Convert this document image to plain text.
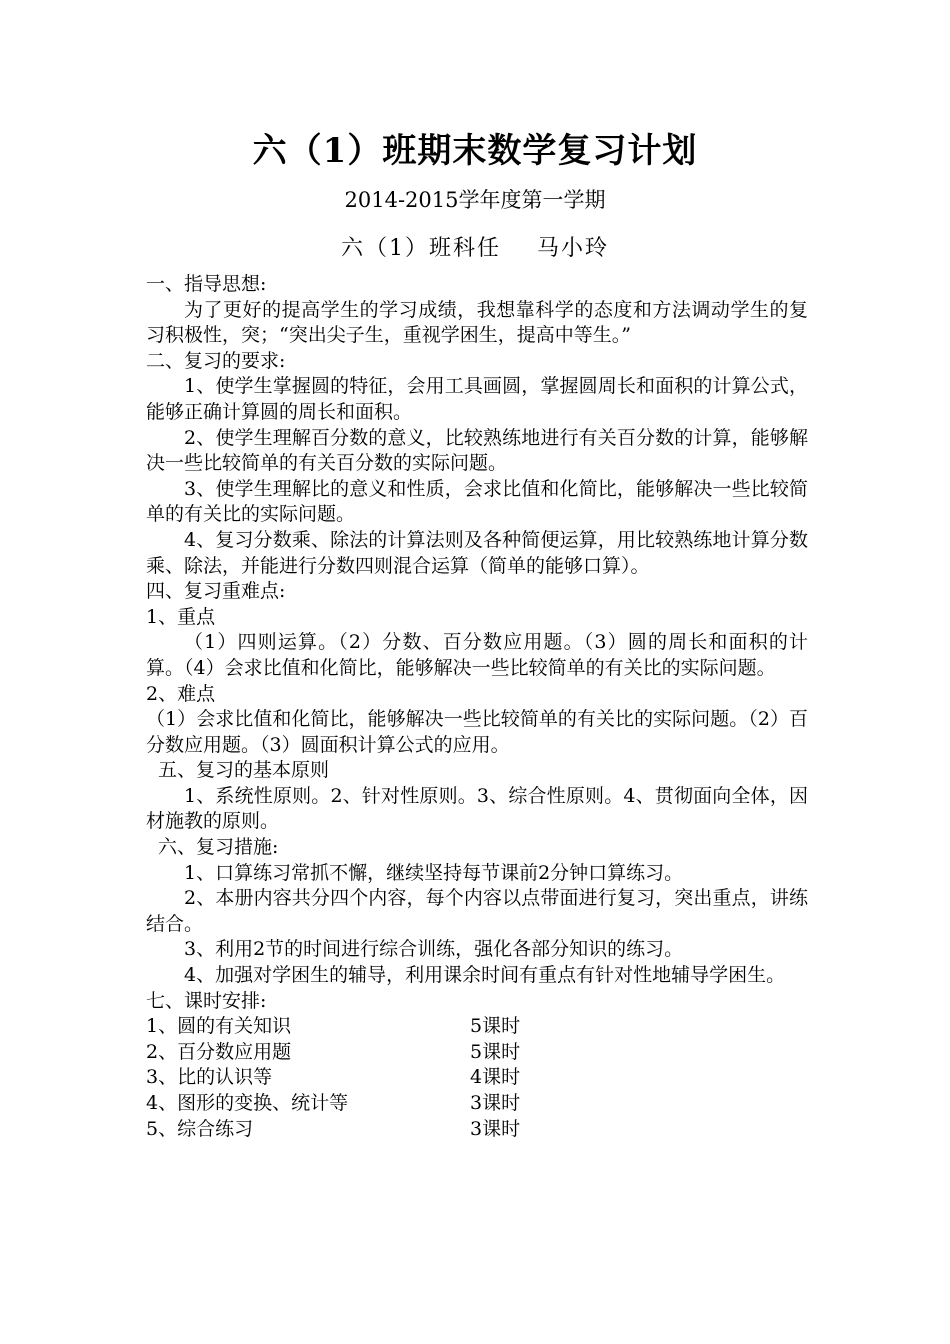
六（1）班期末数学复习计划
2014-2015学年度第一学期
六（1）班科任 马小玲

一、指导思想:

为了更好的提高学生的学习成绩，我想靠科学的态度和方法调动学生的复习积极性，突；“突出尖子生，重视学困生，提高中等生。”

二、复习的要求:

1、使学生掌握圆的特征，会用工具画圆，掌握圆周长和面积的计算公式，能够正确计算圆的周长和面积。

2、使学生理解百分数的意义，比较熟练地进行有关百分数的计算，能够解决一些比较简单的有关百分数的实际问题。

3、使学生理解比的意义和性质，会求比值和化简比，能够解决一些比较简单的有关比的实际问题。

4、复习分数乘、除法的计算法则及各种简便运算，用比较熟练地计算分数乘、除法，并能进行分数四则混合运算（简单的能够口算）。

四、复习重难点:

1、重点

（1）四则运算。（2）分数、百分数应用题。（3）圆的周长和面积的计算。（4）会求比值和化简比，能够解决一些比较简单的有关比的实际问题。

2、难点

（1）会求比值和化简比，能够解决一些比较简单的有关比的实际问题。（2）百分数应用题。（3）圆面积计算公式的应用。

五、复习的基本原则

1、系统性原则。2、针对性原则。3、综合性原则。4、贯彻面向全体，因材施教的原则。

六、复习措施:

1、口算练习常抓不懈，继续坚持每节课前2分钟口算练习。

2、本册内容共分四个内容，每个内容以点带面进行复习，突出重点，讲练结合。

3、利用2节的时间进行综合训练，强化各部分知识的练习。

4、加强对学困生的辅导，利用课余时间有重点有针对性地辅导学困生。

七、课时安排:

1、圆的有关知识	5课时
2、百分数应用题	5课时
3、比的认识等	4课时
4、图形的变换、统计等	3课时
5、综合练习	3课时
